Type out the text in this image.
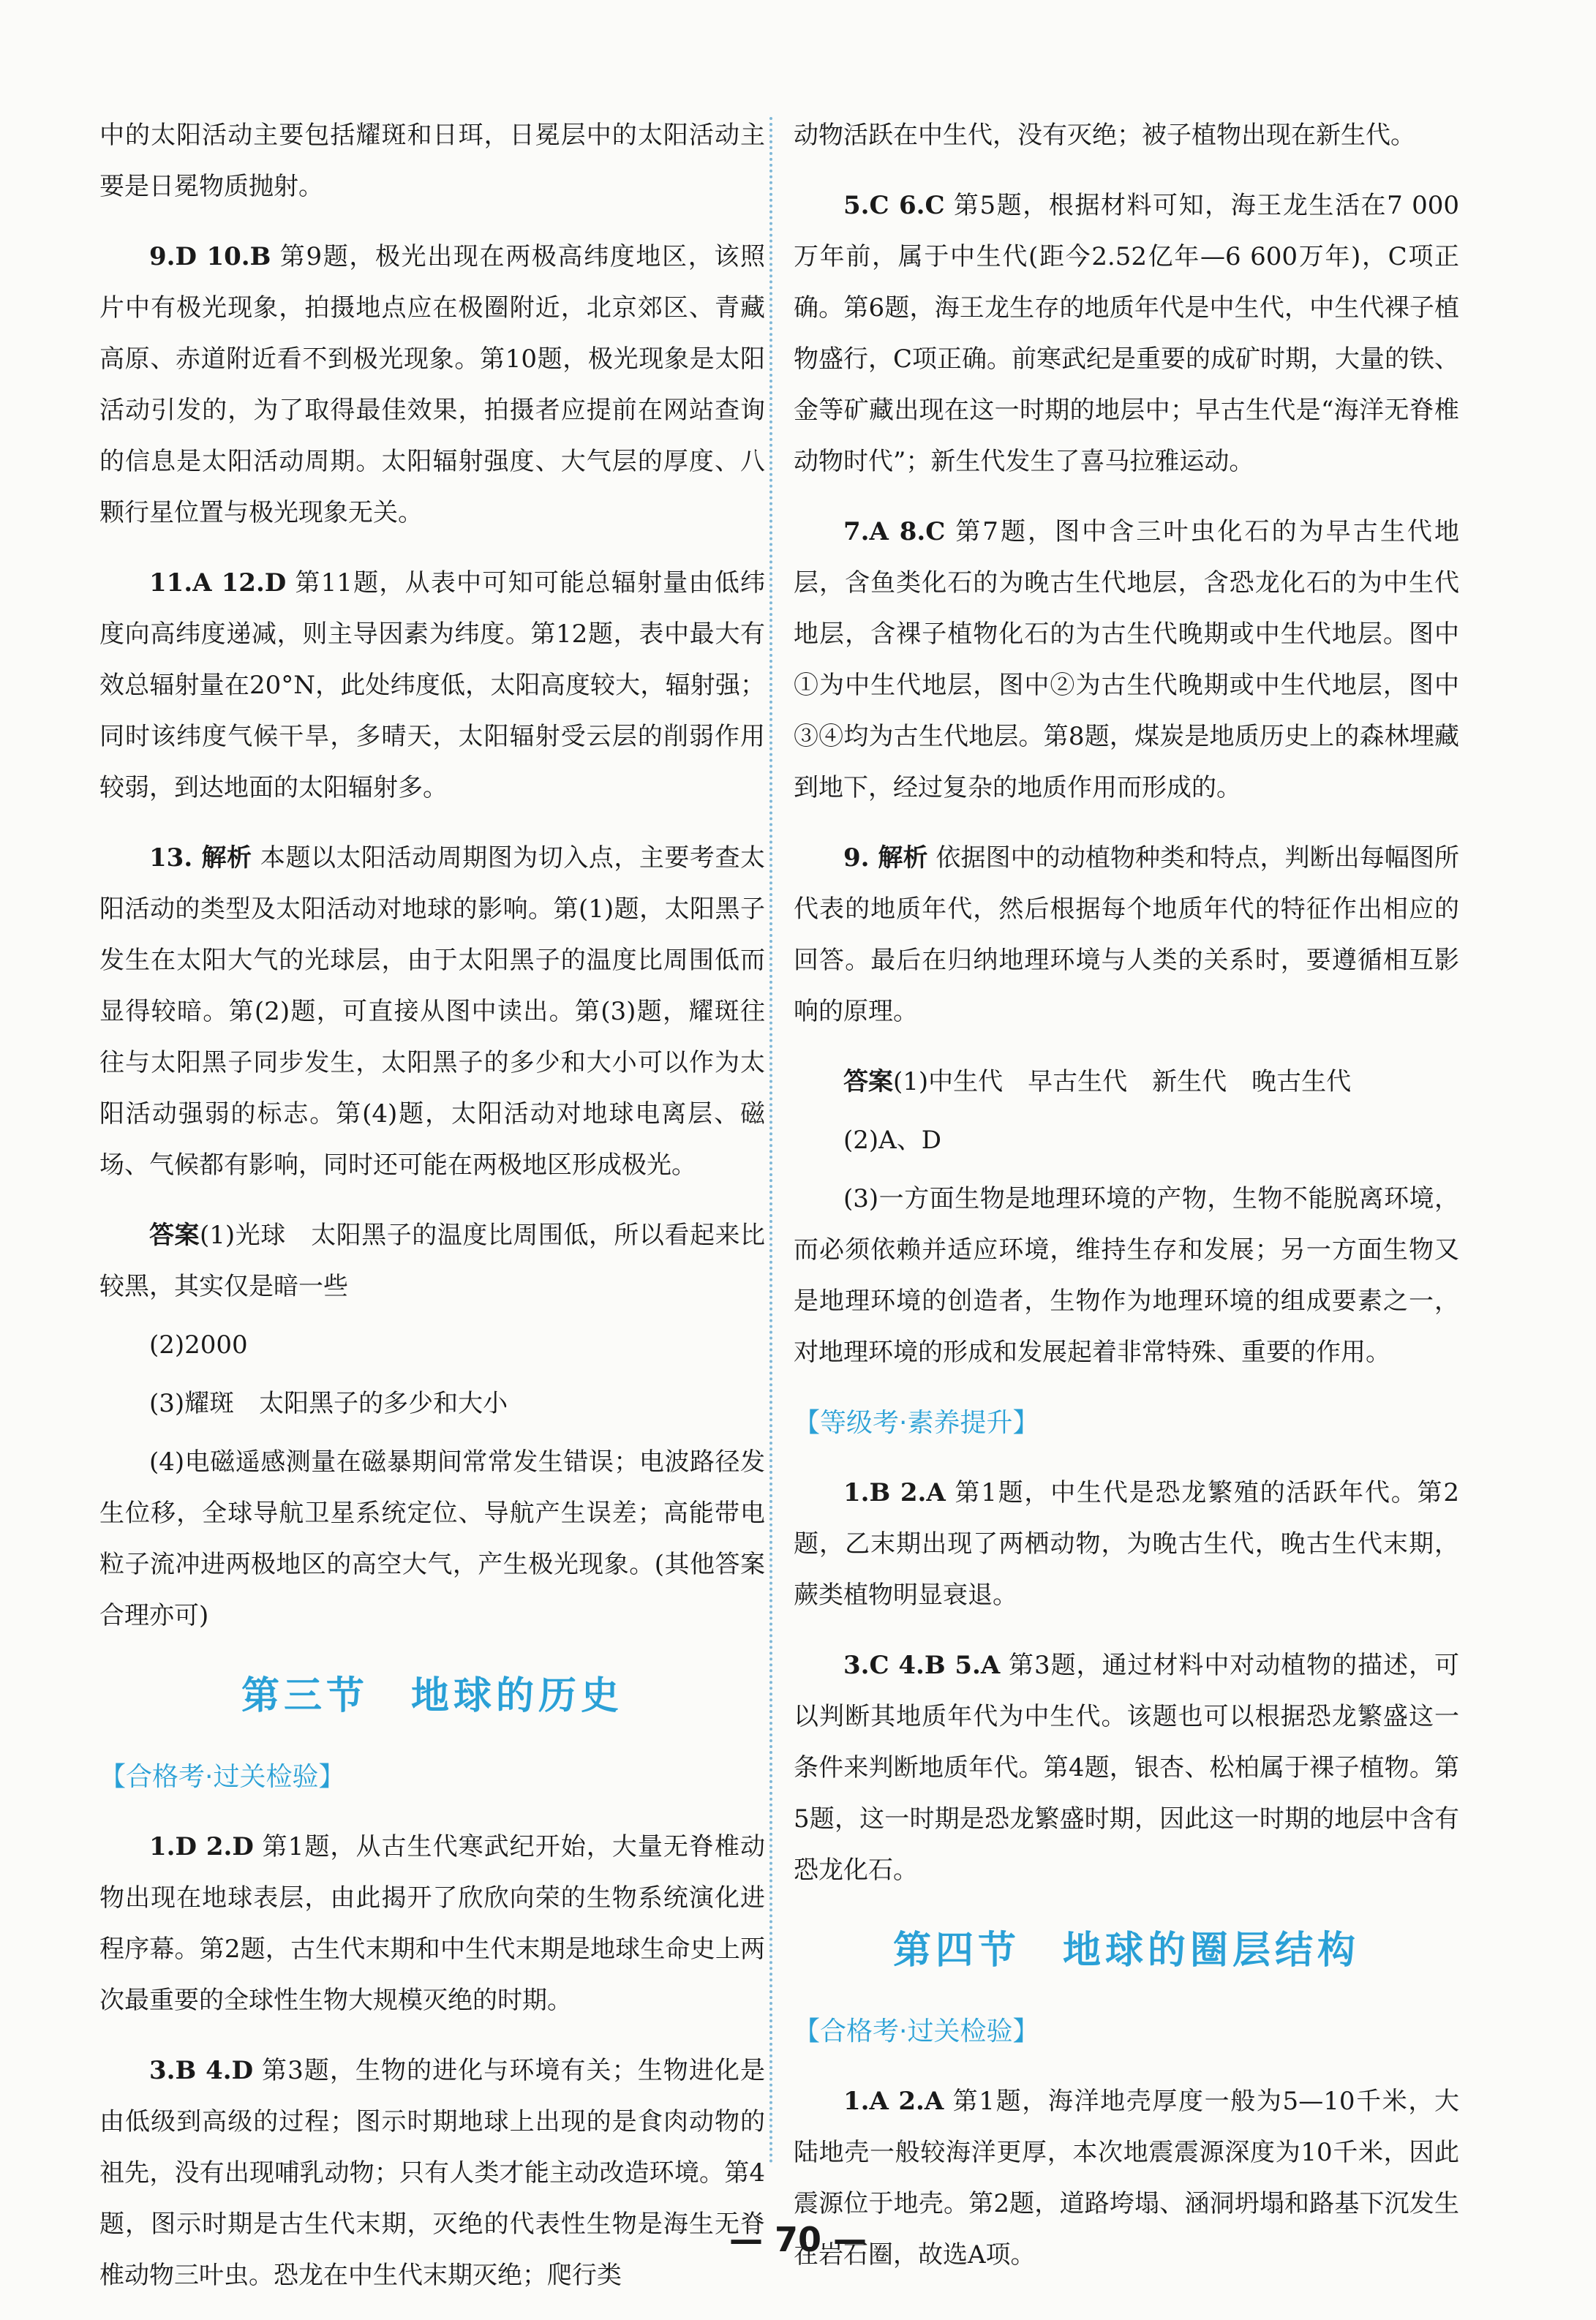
中的太阳活动主要包括耀斑和日珥，日冕层中的太阳活动主要是日冕物质抛射。

9.D 10.B 第9题，极光出现在两极高纬度地区，该照片中有极光现象，拍摄地点应在极圈附近，北京郊区、青藏高原、赤道附近看不到极光现象。第10题，极光现象是太阳活动引发的，为了取得最佳效果，拍摄者应提前在网站查询的信息是太阳活动周期。太阳辐射强度、大气层的厚度、八颗行星位置与极光现象无关。

11.A 12.D 第11题，从表中可知可能总辐射量由低纬度向高纬度递减，则主导因素为纬度。第12题，表中最大有效总辐射量在20°N，此处纬度低，太阳高度较大，辐射强；同时该纬度气候干旱，多晴天，太阳辐射受云层的削弱作用较弱，到达地面的太阳辐射多。

13. 解析 本题以太阳活动周期图为切入点，主要考查太阳活动的类型及太阳活动对地球的影响。第(1)题，太阳黑子发生在太阳大气的光球层，由于太阳黑子的温度比周围低而显得较暗。第(2)题，可直接从图中读出。第(3)题，耀斑往往与太阳黑子同步发生，太阳黑子的多少和大小可以作为太阳活动强弱的标志。第(4)题，太阳活动对地球电离层、磁场、气候都有影响，同时还可能在两极地区形成极光。

答案(1)光球　太阳黑子的温度比周围低，所以看起来比较黑，其实仅是暗一些

(2)2000

(3)耀斑　太阳黑子的多少和大小

(4)电磁遥感测量在磁暴期间常常发生错误；电波路径发生位移，全球导航卫星系统定位、导航产生误差；高能带电粒子流冲进两极地区的高空大气，产生极光现象。(其他答案合理亦可)

第三节　地球的历史
【合格考·过关检验】

1.D 2.D 第1题，从古生代寒武纪开始，大量无脊椎动物出现在地球表层，由此揭开了欣欣向荣的生物系统演化进程序幕。第2题，古生代末期和中生代末期是地球生命史上两次最重要的全球性生物大规模灭绝的时期。

3.B 4.D 第3题，生物的进化与环境有关；生物进化是由低级到高级的过程；图示时期地球上出现的是食肉动物的祖先，没有出现哺乳动物；只有人类才能主动改造环境。第4题，图示时期是古生代末期，灭绝的代表性生物是海生无脊椎动物三叶虫。恐龙在中生代末期灭绝；爬行类

动物活跃在中生代，没有灭绝；被子植物出现在新生代。

5.C 6.C 第5题，根据材料可知，海王龙生活在7 000万年前，属于中生代(距今2.52亿年—6 600万年)，C项正确。第6题，海王龙生存的地质年代是中生代，中生代裸子植物盛行，C项正确。前寒武纪是重要的成矿时期，大量的铁、金等矿藏出现在这一时期的地层中；早古生代是“海洋无脊椎动物时代”；新生代发生了喜马拉雅运动。

7.A 8.C 第7题，图中含三叶虫化石的为早古生代地层，含鱼类化石的为晚古生代地层，含恐龙化石的为中生代地层，含裸子植物化石的为古生代晚期或中生代地层。图中①为中生代地层，图中②为古生代晚期或中生代地层，图中③④均为古生代地层。第8题，煤炭是地质历史上的森林埋藏到地下，经过复杂的地质作用而形成的。

9. 解析 依据图中的动植物种类和特点，判断出每幅图所代表的地质年代，然后根据每个地质年代的特征作出相应的回答。最后在归纳地理环境与人类的关系时，要遵循相互影响的原理。

答案(1)中生代　早古生代　新生代　晚古生代

(2)A、D

(3)一方面生物是地理环境的产物，生物不能脱离环境，而必须依赖并适应环境，维持生存和发展；另一方面生物又是地理环境的创造者，生物作为地理环境的组成要素之一，对地理环境的形成和发展起着非常特殊、重要的作用。

【等级考·素养提升】

1.B 2.A 第1题，中生代是恐龙繁殖的活跃年代。第2题，乙末期出现了两栖动物，为晚古生代，晚古生代末期，蕨类植物明显衰退。

3.C 4.B 5.A 第3题，通过材料中对动植物的描述，可以判断其地质年代为中生代。该题也可以根据恐龙繁盛这一条件来判断地质年代。第4题，银杏、松柏属于裸子植物。第5题，这一时期是恐龙繁盛时期，因此这一时期的地层中含有恐龙化石。

第四节　地球的圈层结构
【合格考·过关检验】

1.A 2.A 第1题，海洋地壳厚度一般为5—10千米，大陆地壳一般较海洋更厚，本次地震震源深度为10千米，因此震源位于地壳。第2题，道路垮塌、涵洞坍塌和路基下沉发生在岩石圈，故选A项。

— 70 —
